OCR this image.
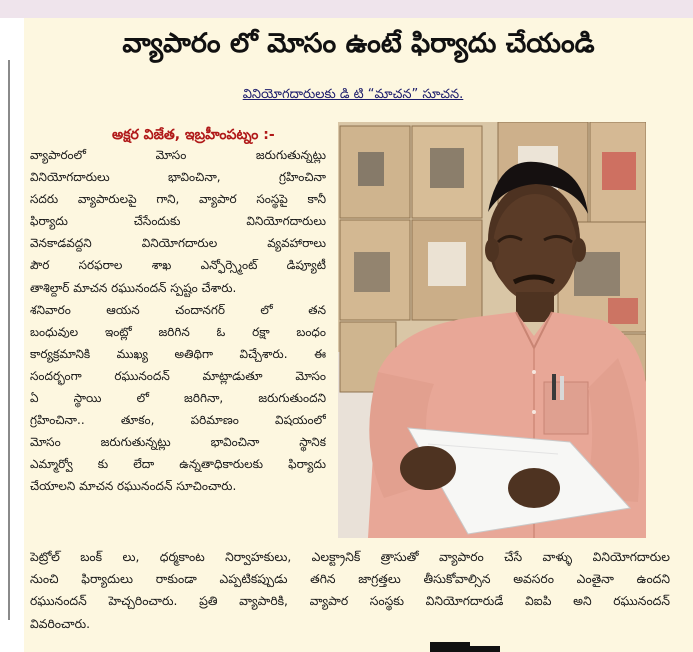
వ్యాపారం లో మోసం ఉంటే ఫిర్యాదు చేయండి
వినియోగదారులకు డి టి “మాచన” సూచన.
అక్షర విజేత, ఇబ్రహీంపట్నం :-
వ్యాపారంలో మోసం జరుగుతున్నట్లు
వినియోగదారులు భావించినా, గ్రహించినా
సదరు వ్యాపారులపై గాని, వ్యాపార సంస్థపై కానీ
ఫిర్యాదు చేసేందుకు వినియోగదారులు
వెనకాడవద్దని వినియోగదారుల వ్యవహారాలు
పౌర సరఫరాల శాఖ ఎన్ఫోర్స్మెంట్ డిప్యూటీ
తాశిల్దార్ మాచన రఘునందన్ స్పష్టం చేశారు.
శనివారం ఆయన చందానగర్ లో తన
బంధువుల ఇంట్లో జరిగిన ఓ రక్షా బంధం
కార్యక్రమానికి ముఖ్య అతిథిగా విచ్చేశారు. ఈ
సందర్భంగా రఘునందన్ మాట్లాడుతూ మోసం
ఏ స్థాయి లో జరిగినా, జరుగుతుందని
గ్రహించినా.. తూకం, పరిమాణం విషయంలో
మోసం జరుగుతున్నట్లు భావించినా స్థానిక
ఎమ్మార్వో కు లేదా ఉన్నతాధికారులకు ఫిర్యాదు
చేయాలని మాచన రఘునందన్ సూచించారు.
పెట్రోల్ బంక్ లు, ధర్మకాంట నిర్వాహకులు, ఎలక్ట్రానిక్ త్రాసుతో వ్యాపారం చేసే వాళ్ళు వినియోగదారుల
నుంచి ఫిర్యాదులు రాకుండా ఎప్పటికప్పుడు తగిన జాగ్రత్తలు తీసుకోవాల్సిన అవసరం ఎంతైనా ఉందని
రఘునందన్ హెచ్చరించారు. ప్రతి వ్యాపారికి, వ్యాపార సంస్థకు వినియోగదారుడే విఐపి అని రఘునందన్
వివరించారు.
